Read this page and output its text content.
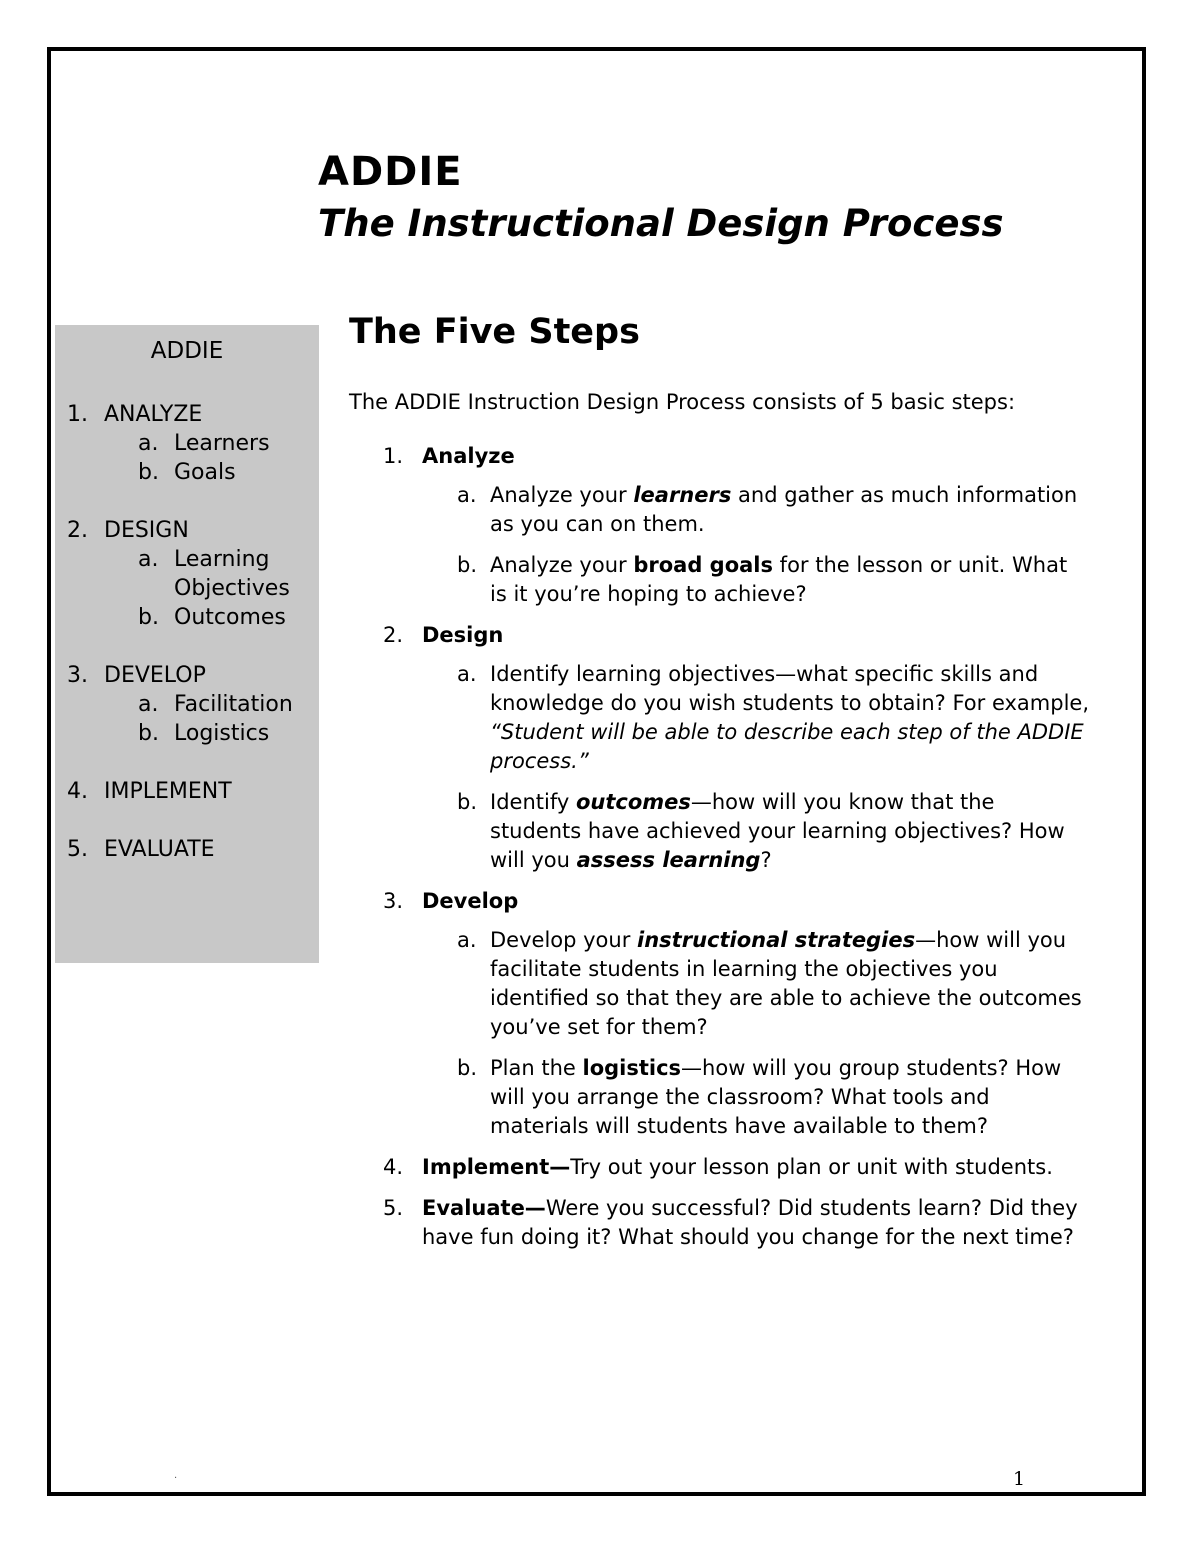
ADDIE
The Instructional Design Process
ADDIE
1. ANALYZE
a. Learners
b. Goals
2. DESIGN
a. Learning Objectives
b. Outcomes
3. DEVELOP
a. Facilitation
b. Logistics
4. IMPLEMENT
5. EVALUATE
The Five Steps

The ADDIE Instruction Design Process consists of 5 basic steps:

1. Analyze
a. Analyze your learners and gather as much information as you can on them.
b. Analyze your broad goals for the lesson or unit. What is it you’re hoping to achieve?
2. Design
a. Identify learning objectives—what specific skills and knowledge do you wish students to obtain? For example, “Student will be able to describe each step of the ADDIE process.”
b. Identify outcomes—how will you know that the students have achieved your learning objectives? How will you assess learning?
3. Develop
a. Develop your instructional strategies—how will you facilitate students in learning the objectives you identified so that they are able to achieve the outcomes you’ve set for them?
b. Plan the logistics—how will you group students? How will you arrange the classroom? What tools and materials will students have available to them?
4. Implement—Try out your lesson plan or unit with students.
5. Evaluate—Were you successful? Did students learn? Did they have fun doing it? What should you change for the next time?
.	1
